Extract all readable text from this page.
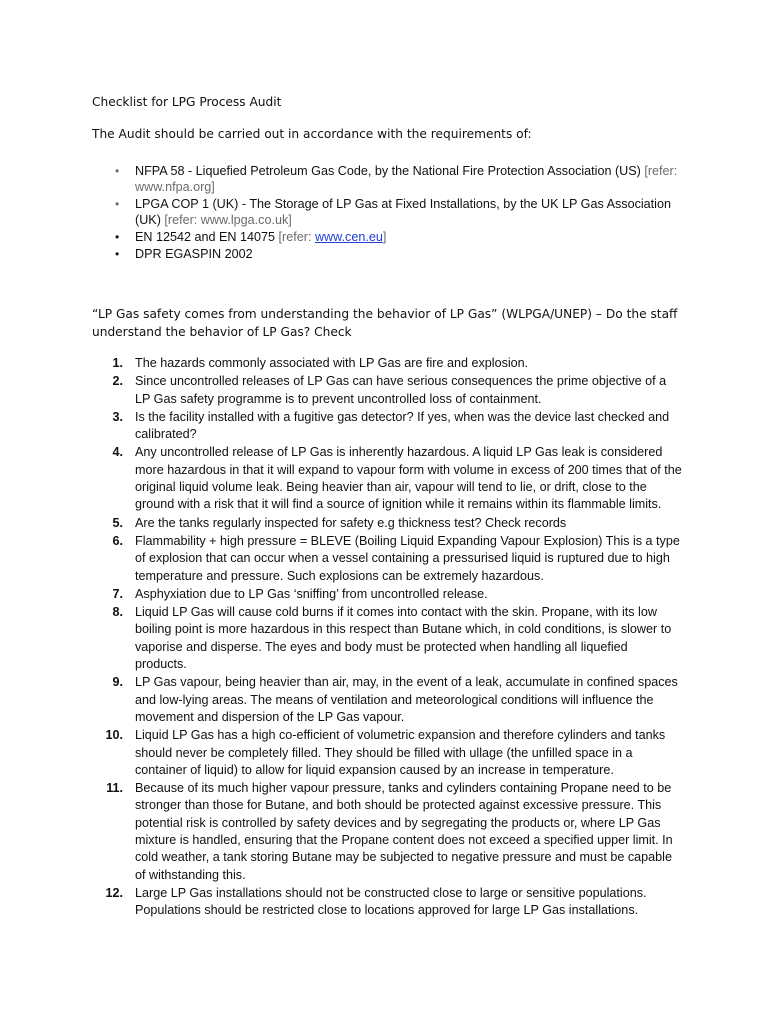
Checklist for LPG Process Audit
The Audit should be carried out in accordance with the requirements of:
• NFPA 58 - Liquefied Petroleum Gas Code, by the National Fire Protection Association (US) [refer: www.nfpa.org]
• LPGA COP 1 (UK) - The Storage of LP Gas at Fixed Installations, by the UK LP Gas Association (UK) [refer: www.lpga.co.uk]
• EN 12542 and EN 14075 [refer: www.cen.eu]
• DPR EGASPIN 2002
“LP Gas safety comes from understanding the behavior of LP Gas” (WLPGA/UNEP) – Do the staff understand the behavior of LP Gas? Check
1. The hazards commonly associated with LP Gas are fire and explosion.
2. Since uncontrolled releases of LP Gas can have serious consequences the prime objective of a LP Gas safety programme is to prevent uncontrolled loss of containment.
3. Is the facility installed with a fugitive gas detector? If yes, when was the device last checked and calibrated?
4. Any uncontrolled release of LP Gas is inherently hazardous. A liquid LP Gas leak is considered more hazardous in that it will expand to vapour form with volume in excess of 200 times that of the original liquid volume leak. Being heavier than air, vapour will tend to lie, or drift, close to the ground with a risk that it will find a source of ignition while it remains within its flammable limits.
5. Are the tanks regularly inspected for safety e.g thickness test? Check records
6. Flammability + high pressure = BLEVE (Boiling Liquid Expanding Vapour Explosion) This is a type of explosion that can occur when a vessel containing a pressurised liquid is ruptured due to high temperature and pressure. Such explosions can be extremely hazardous.
7. Asphyxiation due to LP Gas ‘sniffing’ from uncontrolled release.
8. Liquid LP Gas will cause cold burns if it comes into contact with the skin. Propane, with its low boiling point is more hazardous in this respect than Butane which, in cold conditions, is slower to vaporise and disperse. The eyes and body must be protected when handling all liquefied products.
9. LP Gas vapour, being heavier than air, may, in the event of a leak, accumulate in confined spaces and low-lying areas. The means of ventilation and meteorological conditions will influence the movement and dispersion of the LP Gas vapour.
10. Liquid LP Gas has a high co-efficient of volumetric expansion and therefore cylinders and tanks should never be completely filled. They should be filled with ullage (the unfilled space in a container of liquid) to allow for liquid expansion caused by an increase in temperature.
11. Because of its much higher vapour pressure, tanks and cylinders containing Propane need to be stronger than those for Butane, and both should be protected against excessive pressure. This potential risk is controlled by safety devices and by segregating the products or, where LP Gas mixture is handled, ensuring that the Propane content does not exceed a specified upper limit. In cold weather, a tank storing Butane may be subjected to negative pressure and must be capable of withstanding this.
12. Large LP Gas installations should not be constructed close to large or sensitive populations. Populations should be restricted close to locations approved for large LP Gas installations.
